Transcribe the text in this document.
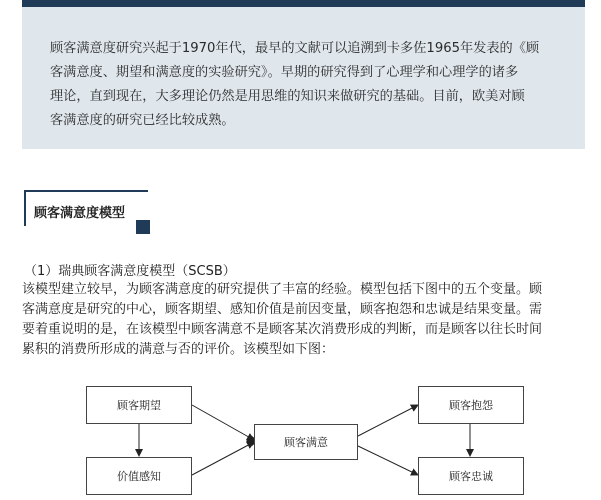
顾客满意度研究兴起于1970年代，最早的文献可以追溯到卡多佐1965年发表的《顾
客满意度、期望和满意度的实验研究》。早期的研究得到了心理学和心理学的诸多
理论，直到现在，大多理论仍然是用思维的知识来做研究的基础。目前，欧美对顾
客满意度的研究已经比较成熟。
顾客满意度模型
（1）瑞典顾客满意度模型（SCSB）
该模型建立较早，为顾客满意度的研究提供了丰富的经验。模型包括下图中的五个变量。顾
客满意度是研究的中心，顾客期望、感知价值是前因变量，顾客抱怨和忠诚是结果变量。需
要着重说明的是，在该模型中顾客满意不是顾客某次消费形成的判断，而是顾客以往长时间
累积的消费所形成的满意与否的评价。该模型如下图：
顾客期望
价值感知
顾客满意
顾客抱怨
顾客忠诚
